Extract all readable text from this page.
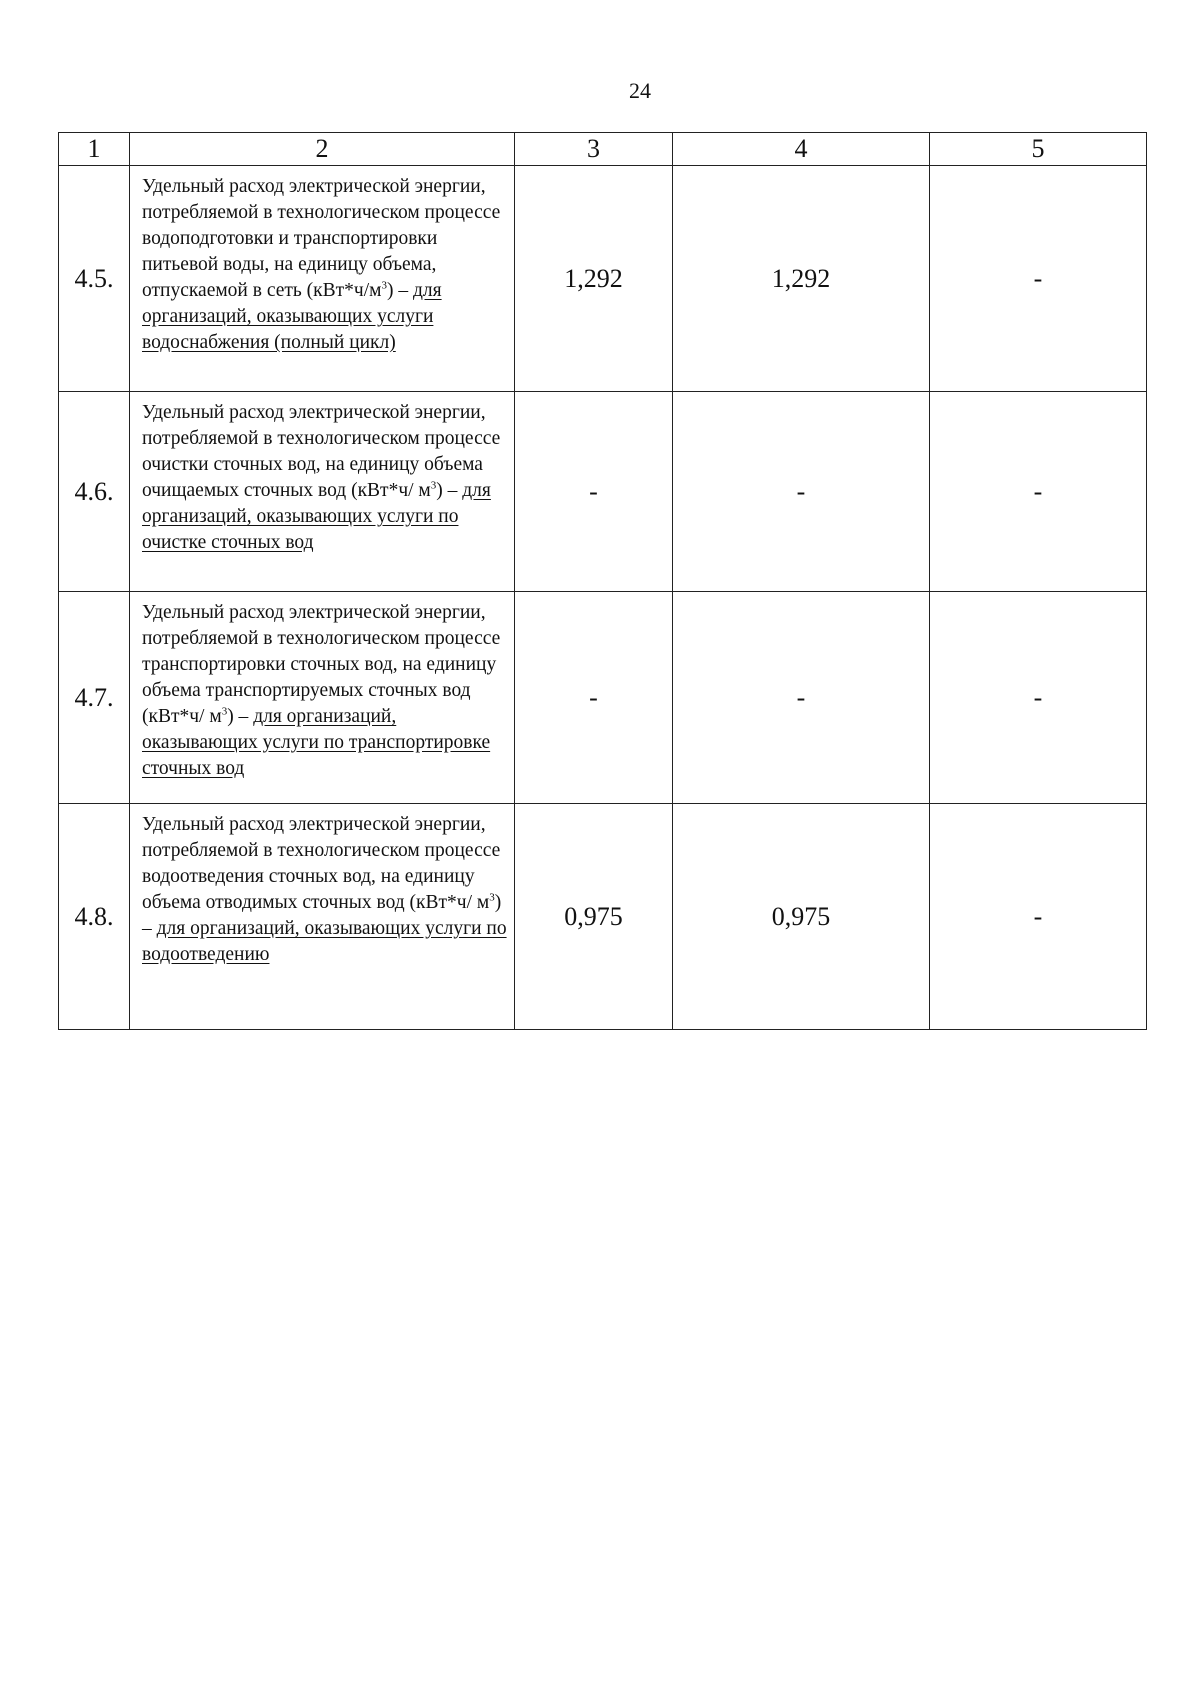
24
1	2	3	4	5
4.5.	Удельный расход электрической энергии, потребляемой в технологическом процессе водоподготовки и транспортировки питьевой воды, на единицу объема, отпускаемой в сеть $(кВт*ч/м^3)$ – для организаций, оказывающих услуги водоснабжения (полный цикл)	1,292	1,292	-
4.6.	Удельный расход электрической энергии, потребляемой в технологическом процессе очистки сточных вод, на единицу объема очищаемых сточных вод (кВт*ч/ $м^3$) – для организаций, оказывающих услуги по очистке сточных вод	-	-	-
4.7.	Удельный расход электрической энергии, потребляемой в технологическом процессе транспортировки сточных вод, на единицу объема транспортируемых сточных вод (кВт*ч/ $м^3$) – для организаций, оказывающих услуги по транспортировке сточных вод	-	-	-
4.8.	Удельный расход электрической энергии, потребляемой в технологическом процессе водоотведения сточных вод, на единицу объема отводимых сточных вод (кВт*ч/ $м^3$) – для организаций, оказывающих услуги по водоотведению	0,975	0,975	-
